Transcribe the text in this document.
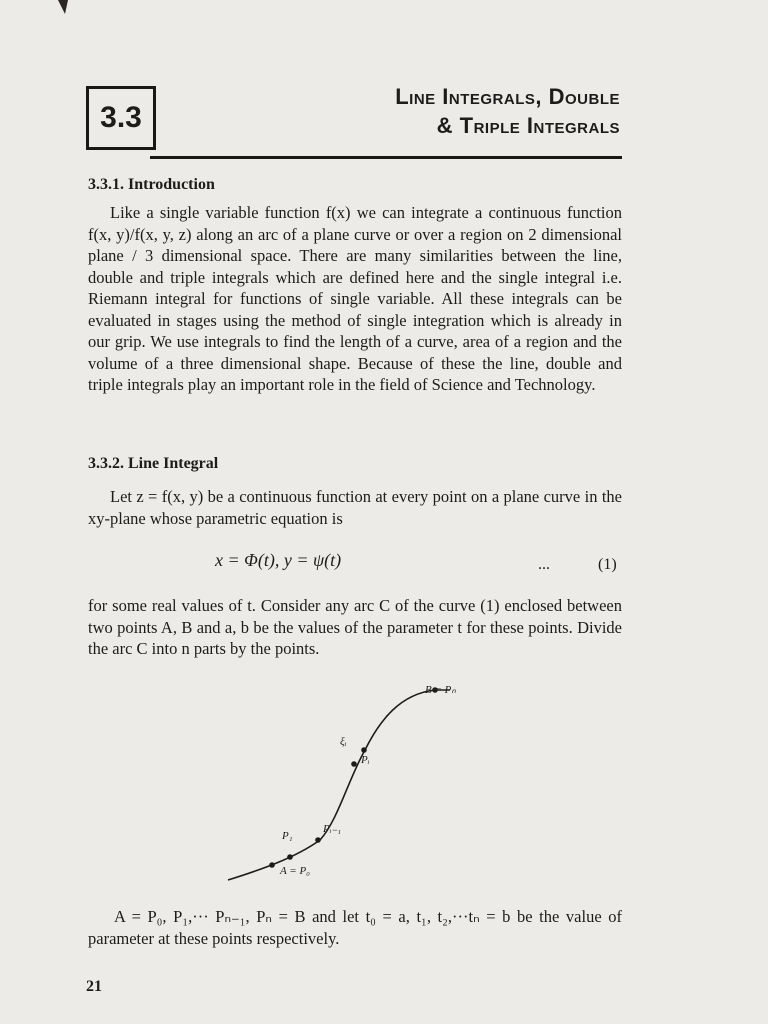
3.3
Line Integrals, Double
& Triple Integrals
3.3.1. Introduction
Like a single variable function f(x) we can integrate a continuous function f(x, y)/f(x, y, z) along an arc of a plane curve or over a region on 2 dimensional plane / 3 dimensional space. There are many similarities between the line, double and triple integrals which are defined here and the single integral i.e. Riemann integral for functions of single variable. All these integrals can be evaluated in stages using the method of single integration which is already in our grip. We use integrals to find the length of a curve, area of a region and the volume of a three dimensional shape. Because of these the line, double and triple integrals play an important role in the field of Science and Technology.
3.3.2. Line Integral
Let z = f(x, y) be a continuous function at every point on a plane curve in the xy-plane whose parametric equation is
x = Φ(t), y = ψ(t)	...	(1)
for some real values of t. Consider any arc C of the curve (1) enclosed between two points A, B and a, b be the values of the parameter t for these points. Divide the arc C into n parts by the points.
B = Pₙ
ξᵢ
Pᵢ
Pᵢ₋₁
P₁
A = P₀
A = P₀, P₁,··· Pₙ₋₁, Pₙ = B and let t₀ = a, t₁, t₂,···tₙ = b be the value of parameter at these points respectively.
21
